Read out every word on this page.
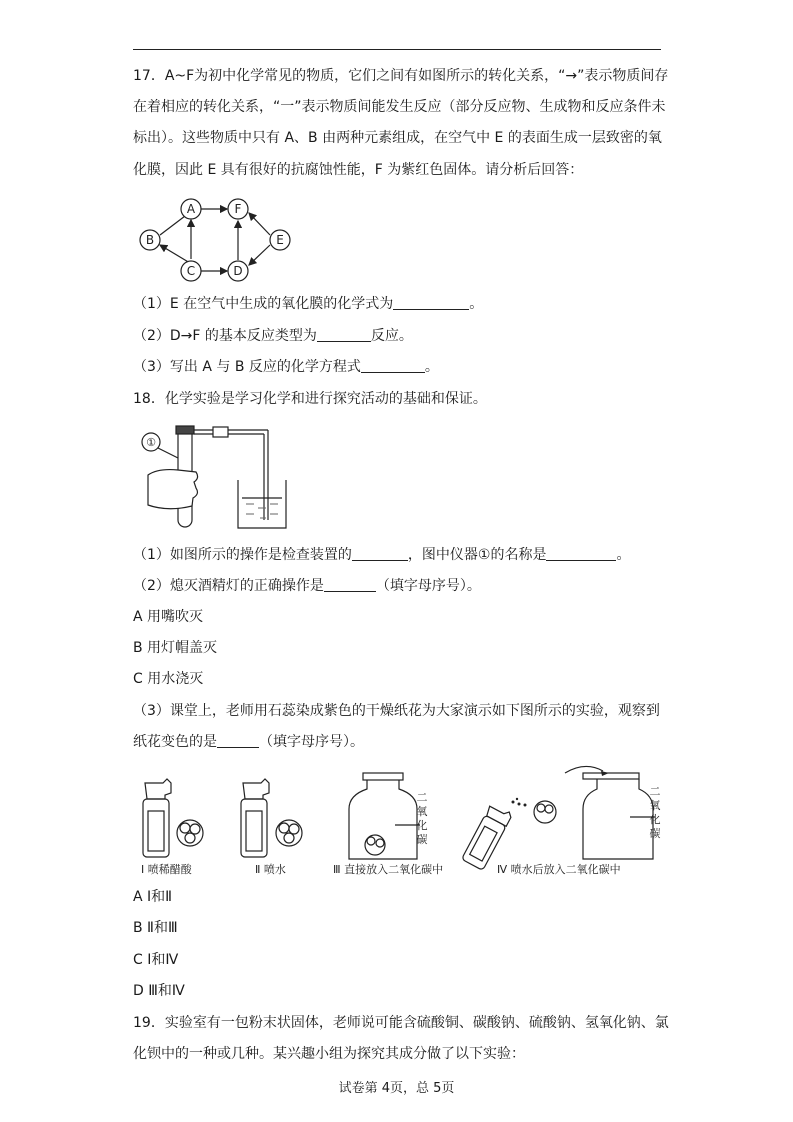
17．A~F为初中化学常见的物质，它们之间有如图所示的转化关系，“→”表示物质间存
在着相应的转化关系，“一”表示物质间能发生反应（部分反应物、生成物和反应条件未
标出）。这些物质中只有 A、B 由两种元素组成，在空气中 E 的表面生成一层致密的氧
化膜，因此 E 具有很好的抗腐蚀性能，F 为紫红色固体。请分析后回答：
A	F
B	E
C	D
（1）E 在空气中生成的氧化膜的化学式为	。
（2）D→F 的基本反应类型为	反应。
（3）写出 A 与 B 反应的化学方程式	。
18．化学实验是学习化学和进行探究活动的基础和保证。
①
（1）如图所示的操作是检查装置的	，图中仪器①的名称是	。
（2）熄灭酒精灯的正确操作是	（填字母序号）。
A 用嘴吹灭
B 用灯帽盖灭
C 用水浇灭
（3）课堂上，老师用石蕊染成紫色的干燥纸花为大家演示如下图所示的实验，观察到
纸花变色的是	（填字母序号）。
二
氧
化
碳
二
氧
化
碳
Ⅰ 喷稀醋酸	Ⅱ 喷水	Ⅲ 直接放入二氧化碳中	Ⅳ 喷水后放入二氧化碳中
A Ⅰ和Ⅱ
B Ⅱ和Ⅲ
C Ⅰ和Ⅳ
D Ⅲ和Ⅳ
19．实验室有一包粉末状固体，老师说可能含硫酸铜、碳酸钠、硫酸钠、氢氧化钠、氯
化钡中的一种或几种。某兴趣小组为探究其成分做了以下实验：
试卷第 4页，总 5页
